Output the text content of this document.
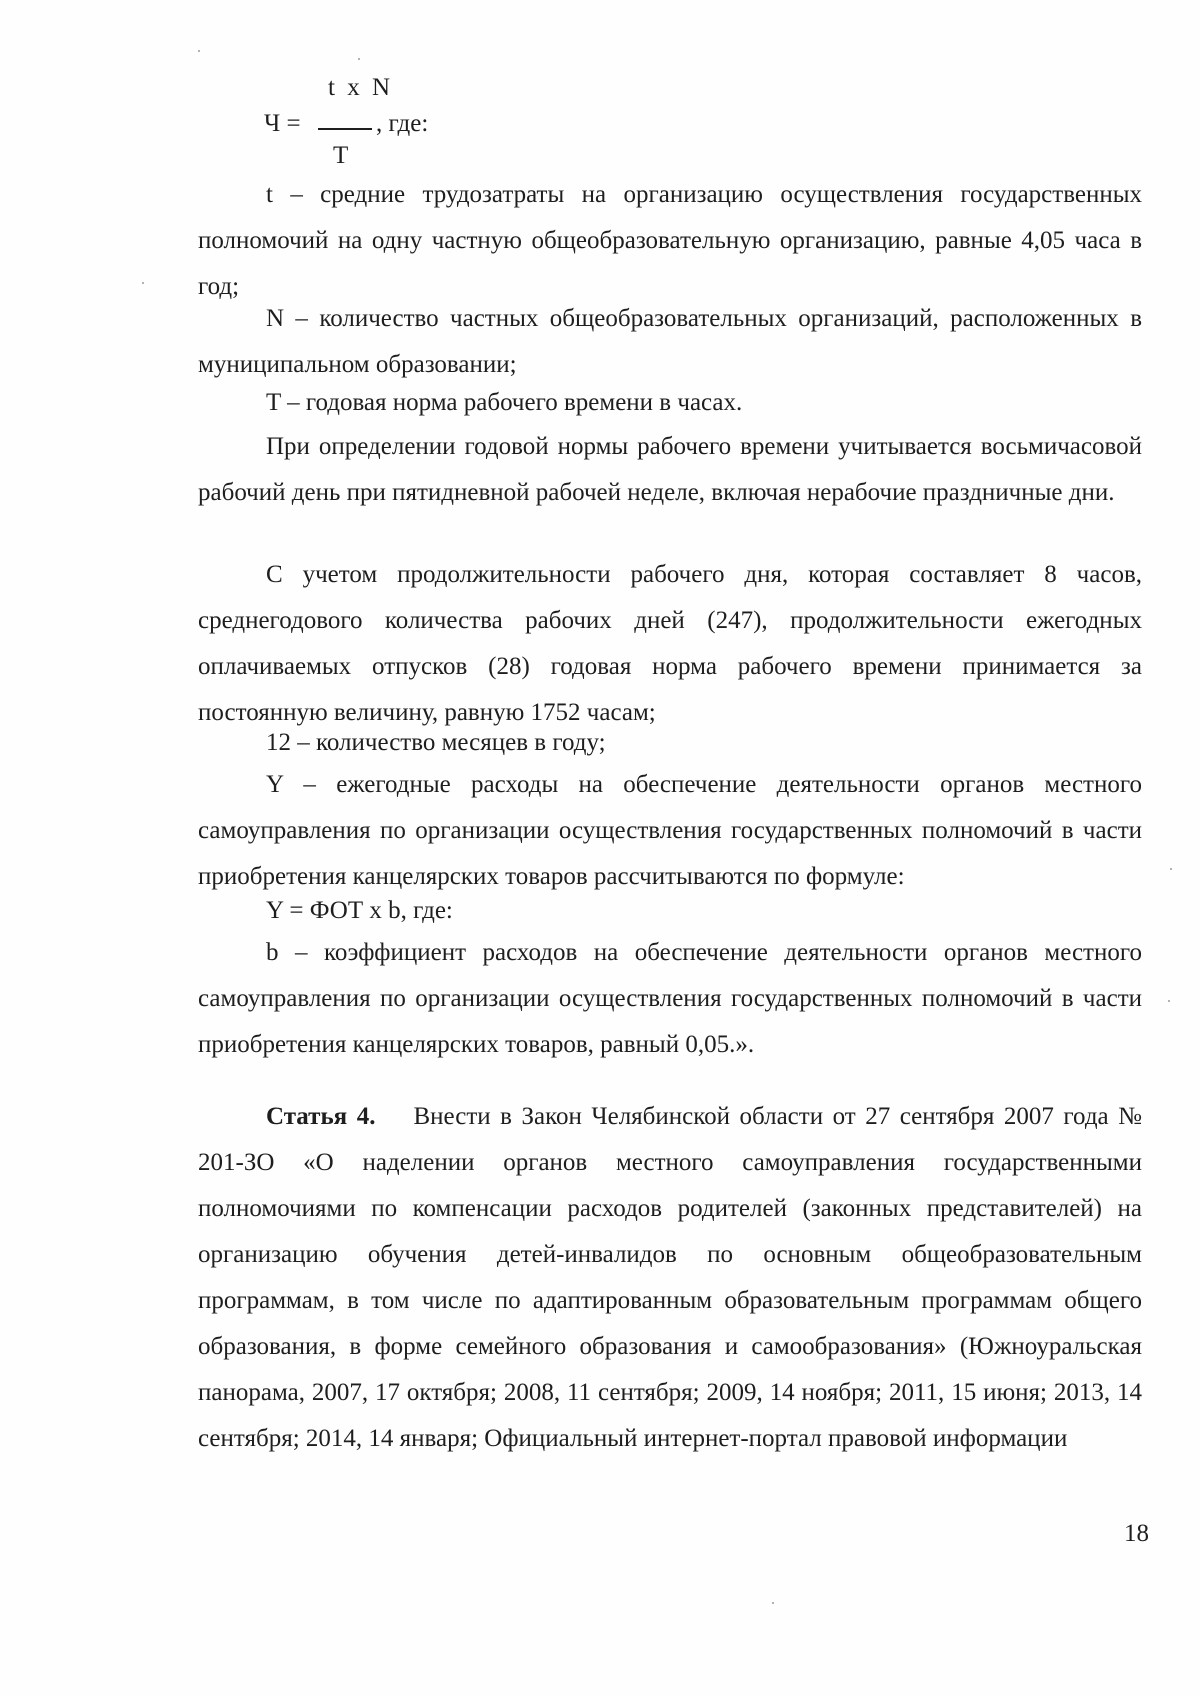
t x N
Ч =	, где:
T

t – средние трудозатраты на организацию осуществления государственных полномочий на одну частную общеобразовательную организацию, равные 4,05 часа в год;

N – количество частных общеобразовательных организаций, расположенных в муниципальном образовании;

T – годовая норма рабочего времени в часах.

При определении годовой нормы рабочего времени учитывается восьмичасовой рабочий день при пятидневной рабочей неделе, включая нерабочие праздничные дни.

С учетом продолжительности рабочего дня, которая составляет 8 часов, среднегодового количества рабочих дней (247), продолжительности ежегодных оплачиваемых отпусков (28) годовая норма рабочего времени принимается за постоянную величину, равную 1752 часам;

12 – количество месяцев в году;

Y – ежегодные расходы на обеспечение деятельности органов местного самоуправления по организации осуществления государственных полномочий в части приобретения канцелярских товаров рассчитываются по формуле:

Y = ФОТ x b, где:

b – коэффициент расходов на обеспечение деятельности органов местного самоуправления по организации осуществления государственных полномочий в части приобретения канцелярских товаров, равный 0,05.».

Статья 4. Внести в Закон Челябинской области от 27 сентября 2007 года № 201-ЗО «О наделении органов местного самоуправления государственными полномочиями по компенсации расходов родителей (законных представителей) на организацию обучения детей-инвалидов по основным общеобразовательным программам, в том числе по адаптированным образовательным программам общего образования, в форме семейного образования и самообразования» (Южноуральская панорама, 2007, 17 октября; 2008, 11 сентября; 2009, 14 ноября; 2011, 15 июня; 2013, 14 сентября; 2014, 14 января; Официальный интернет-портал правовой информации

18
